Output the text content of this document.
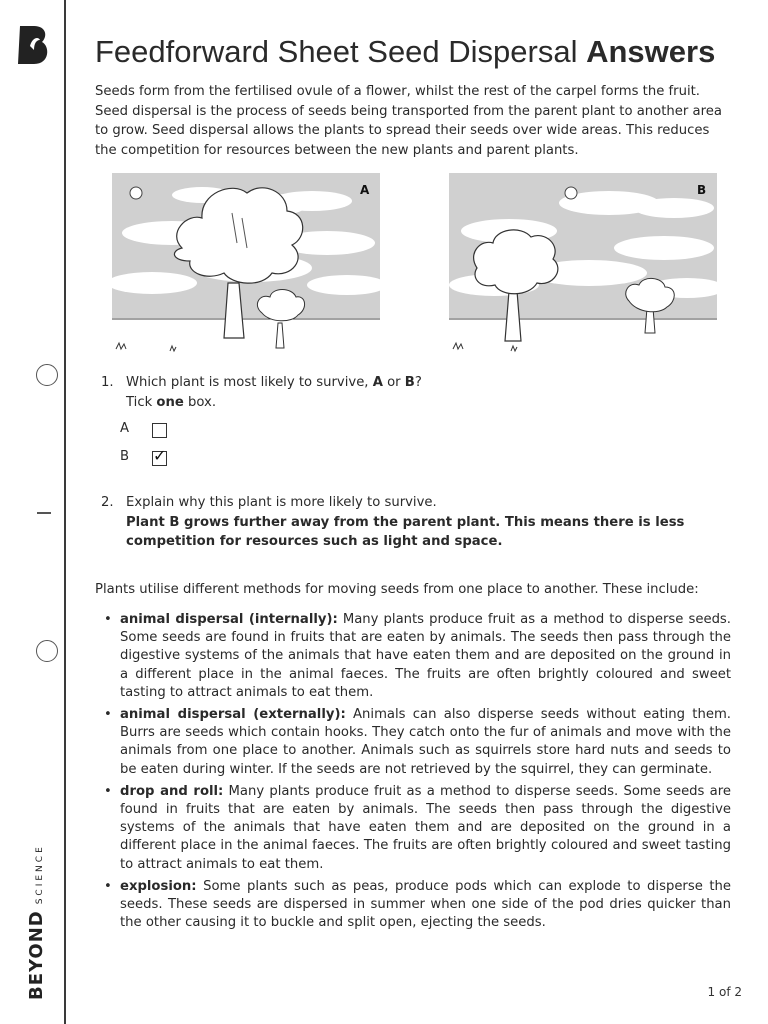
BEYOND
SCIENCE
Feedforward Sheet Seed Dispersal Answers

Seeds form from the fertilised ovule of a flower, whilst the rest of the carpel forms the fruit. Seed dispersal is the process of seeds being transported from the parent plant to another area to grow. Seed dispersal allows the plants to spread their seeds over wide areas. This reduces the competition for resources between the new plants and parent plants.

A	B
1. Which plant is most likely to survive, A or B?
Tick one box.
A
B ✓
2. Explain why this plant is more likely to survive.
Plant B grows further away from the parent plant. This means there is less
competition for resources such as light and space.
Plants utilise different methods for moving seeds from one place to another. These include:
• animal dispersal (internally): Many plants produce fruit as a method to disperse seeds. Some seeds are found in fruits that are eaten by animals. The seeds then pass through the digestive systems of the animals that have eaten them and are deposited on the ground in a different place in the animal faeces. The fruits are often brightly coloured and sweet tasting to attract animals to eat them.
• animal dispersal (externally): Animals can also disperse seeds without eating them. Burrs are seeds which contain hooks. They catch onto the fur of animals and move with the animals from one place to another. Animals such as squirrels store hard nuts and seeds to be eaten during winter. If the seeds are not retrieved by the squirrel, they can germinate.
• drop and roll: Many plants produce fruit as a method to disperse seeds. Some seeds are found in fruits that are eaten by animals. The seeds then pass through the digestive systems of the animals that have eaten them and are deposited on the ground in a different place in the animal faeces. The fruits are often brightly coloured and sweet tasting to attract animals to eat them.
• explosion: Some plants such as peas, produce pods which can explode to disperse the seeds. These seeds are dispersed in summer when one side of the pod dries quicker than the other causing it to buckle and split open, ejecting the seeds.
1 of 2
